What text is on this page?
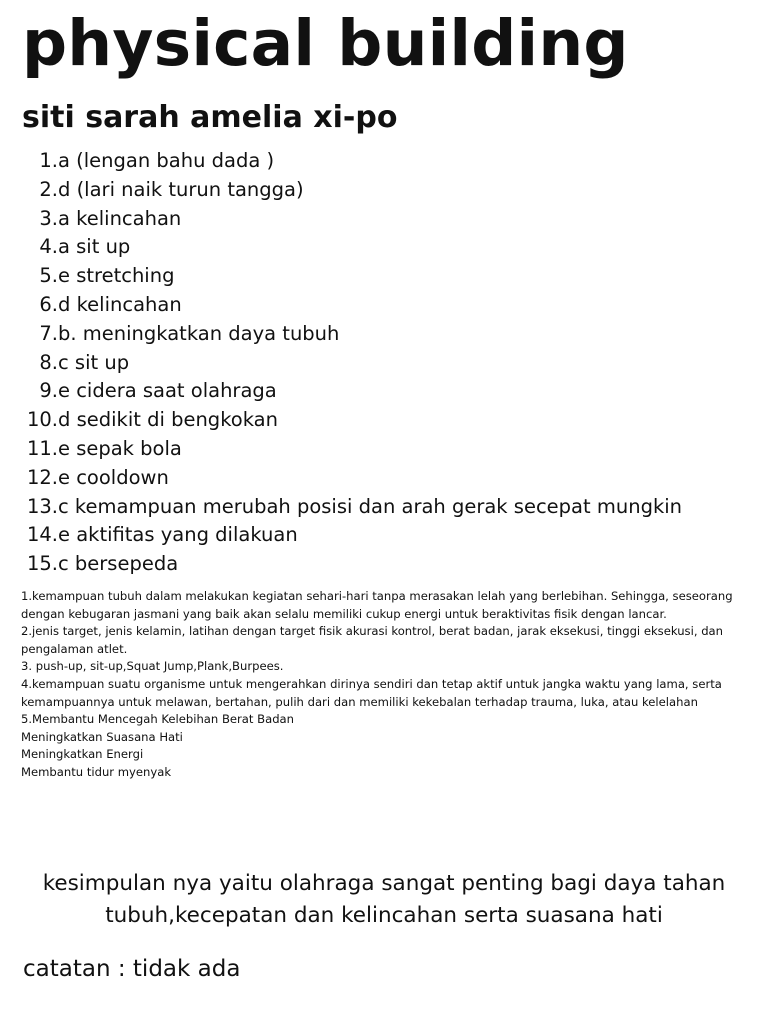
physical building
siti sarah amelia xi-po
1. a (lengan bahu dada )
2. d (lari naik turun tangga)
3. a kelincahan
4. a sit up
5. e stretching
6. d kelincahan
7. b. meningkatkan daya tubuh
8. c sit up
9. e cidera saat olahraga
10. d sedikit di bengkokan
11. e sepak bola
12. e cooldown
13. c kemampuan merubah posisi dan arah gerak secepat mungkin
14. e aktifitas yang dilakuan
15. c bersepeda

1.kemampuan tubuh dalam melakukan kegiatan sehari-hari tanpa merasakan lelah yang berlebihan. Sehingga, seseorang dengan kebugaran jasmani yang baik akan selalu memiliki cukup energi untuk beraktivitas fisik dengan lancar.

2.jenis target, jenis kelamin, latihan dengan target fisik akurasi kontrol, berat badan, jarak eksekusi, tinggi eksekusi, dan pengalaman atlet.

3. push-up, sit-up,Squat Jump,Plank,Burpees.

4.kemampuan suatu organisme untuk mengerahkan dirinya sendiri dan tetap aktif untuk jangka waktu yang lama, serta kemampuannya untuk melawan, bertahan, pulih dari dan memiliki kekebalan terhadap trauma, luka, atau kelelahan

5.Membantu Mencegah Kelebihan Berat Badan

Meningkatkan Suasana Hati

Meningkatkan Energi

Membantu tidur myenyak

kesimpulan nya yaitu olahraga sangat penting bagi daya tahan

tubuh,kecepatan dan kelincahan serta suasana hati

catatan : tidak ada
